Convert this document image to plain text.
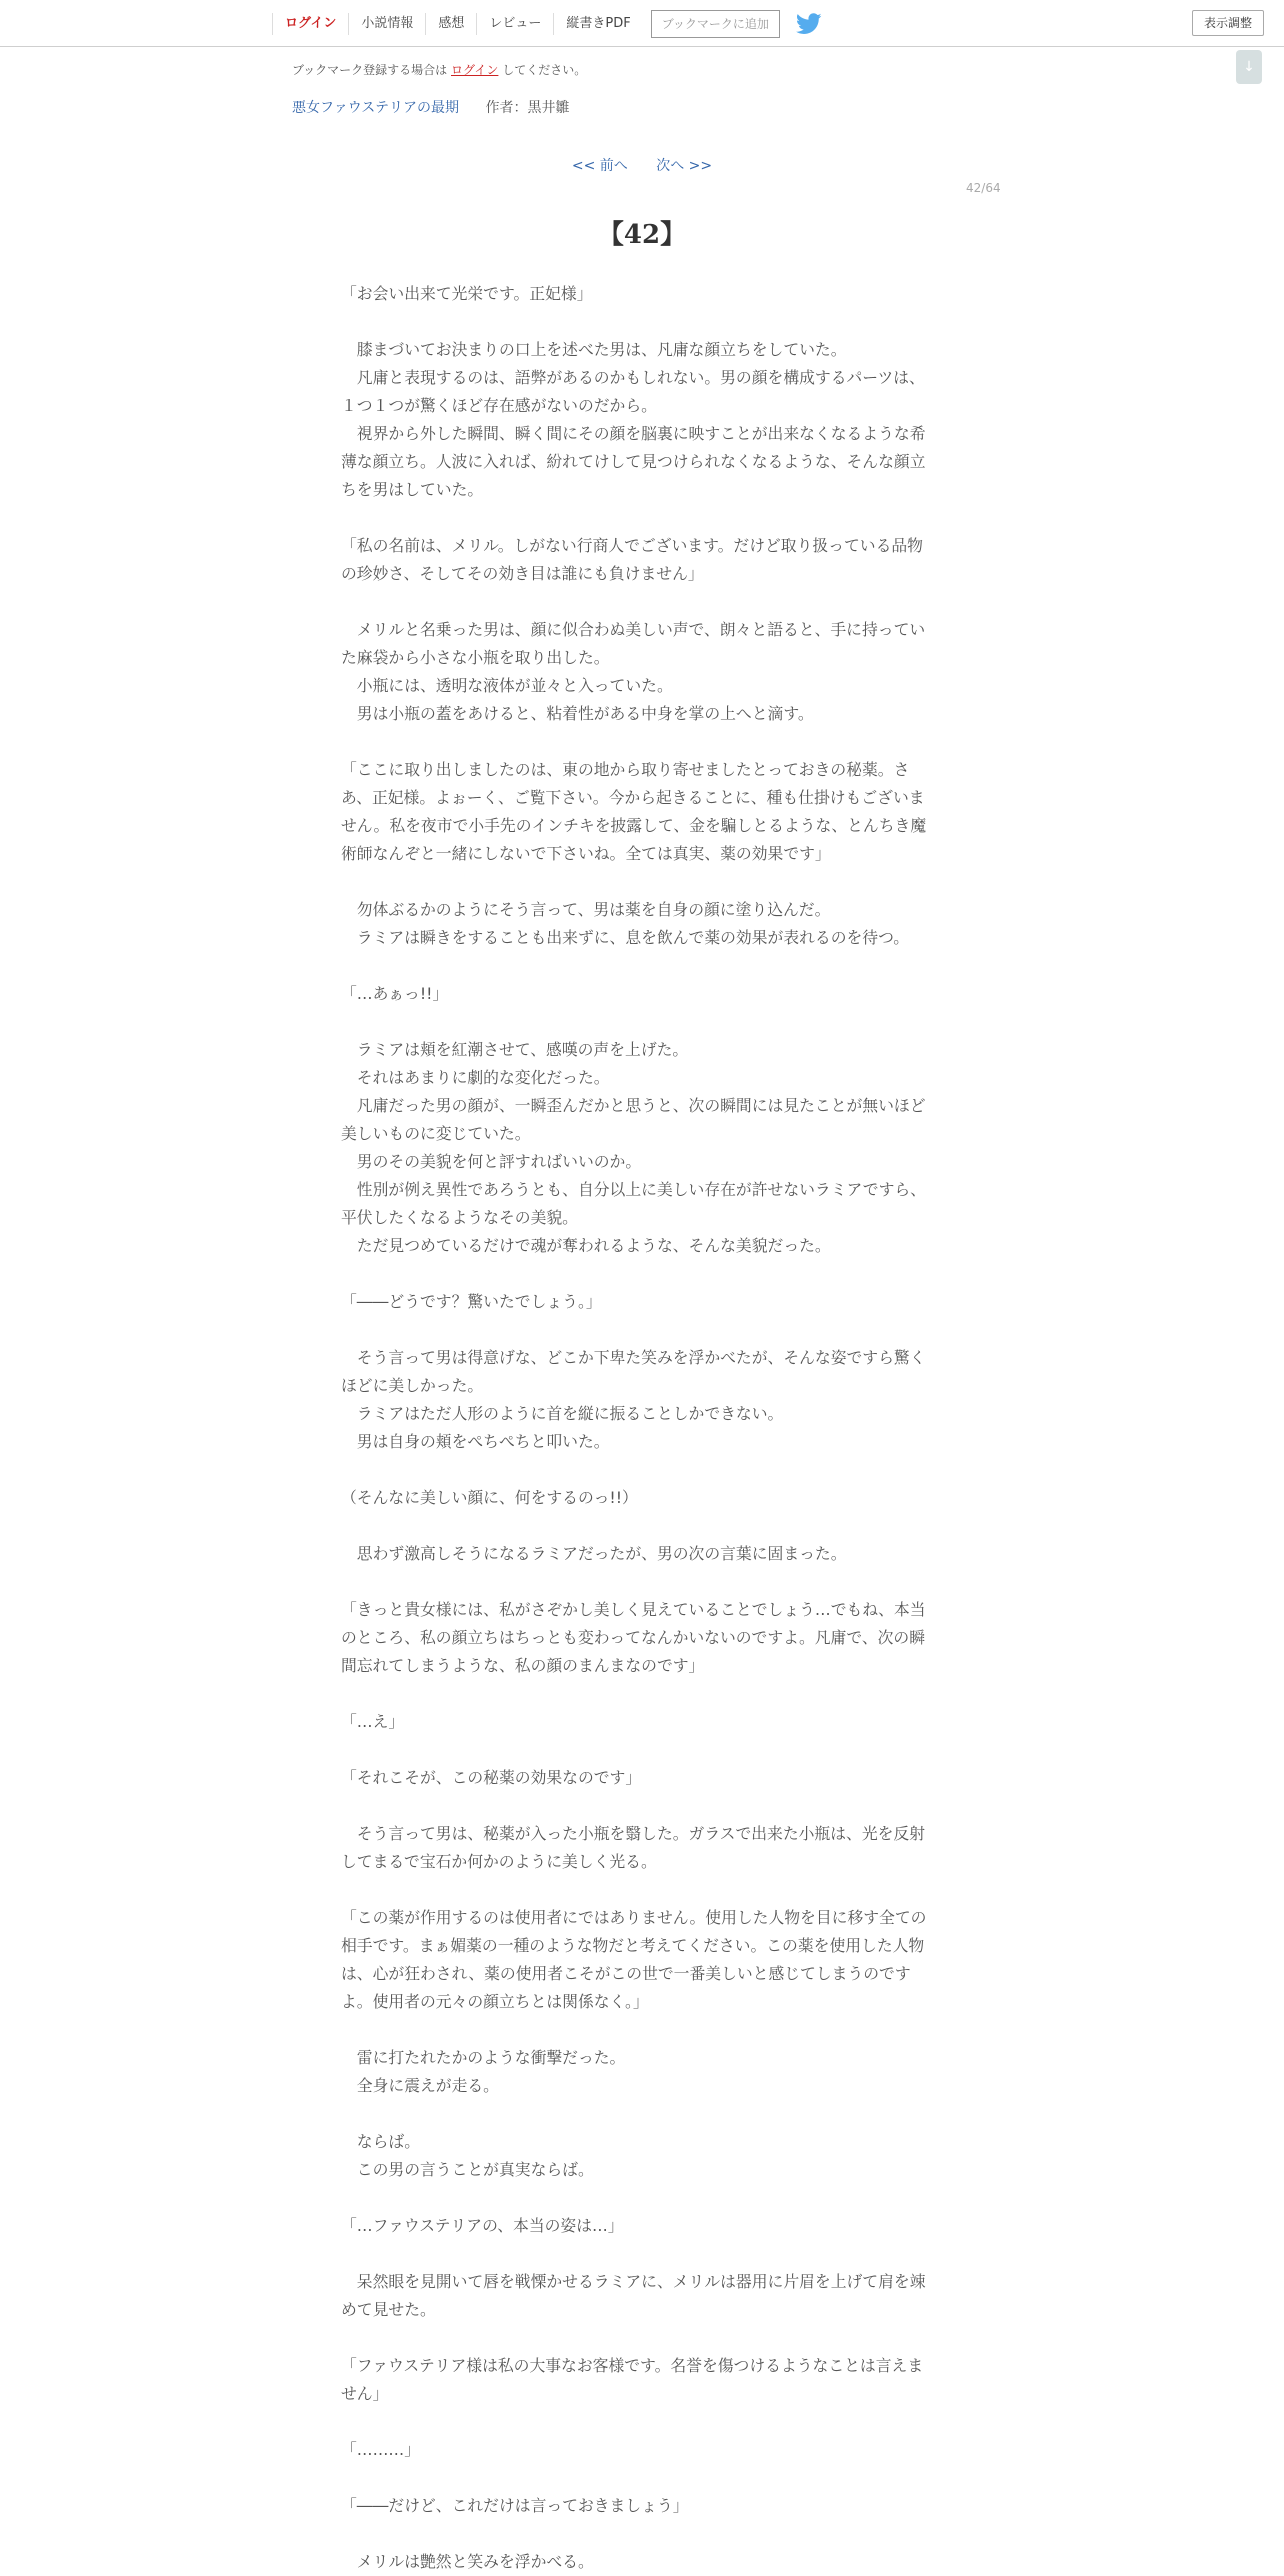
ログイン	小説情報	感想	レビュー	縦書きPDF	ブックマークに追加	表示調整
↓
ブックマーク登録する場合は ログイン してください。
悪女ファウステリアの最期 作者：黒井雛
<< 前へ 次へ >>
42/64
【42】

「お会い出来て光栄です。正妃様」

　膝まづいてお決まりの口上を述べた男は、凡庸な顔立ちをしていた。

　凡庸と表現するのは、語弊があるのかもしれない。男の顔を構成するパーツは、１つ１つが驚くほど存在感がないのだから。

　視界から外した瞬間、瞬く間にその顔を脳裏に映すことが出来なくなるような希薄な顔立ち。人波に入れば、紛れてけして見つけられなくなるような、そんな顔立ちを男はしていた。

「私の名前は、メリル。しがない行商人でございます。だけど取り扱っている品物の珍妙さ、そしてその効き目は誰にも負けません」

　メリルと名乗った男は、顔に似合わぬ美しい声で、朗々と語ると、手に持っていた麻袋から小さな小瓶を取り出した。

　小瓶には、透明な液体が並々と入っていた。

　男は小瓶の蓋をあけると、粘着性がある中身を掌の上へと滴す。

「ここに取り出しましたのは、東の地から取り寄せましたとっておきの秘薬。さあ、正妃様。よぉーく、ご覧下さい。今から起きることに、種も仕掛けもございません。私を夜市で小手先のインチキを披露して、金を騙しとるような、とんちき魔術師なんぞと一緒にしないで下さいね。全ては真実、薬の効果です」

　勿体ぶるかのようにそう言って、男は薬を自身の顔に塗り込んだ。

　ラミアは瞬きをすることも出来ずに、息を飲んで薬の効果が表れるのを待つ。

「…あぁっ!!」

　ラミアは頬を紅潮させて、感嘆の声を上げた。

　それはあまりに劇的な変化だった。

　凡庸だった男の顔が、一瞬歪んだかと思うと、次の瞬間には見たことが無いほど美しいものに変じていた。

　男のその美貌を何と評すればいいのか。

　性別が例え異性であろうとも、自分以上に美しい存在が許せないラミアですら、平伏したくなるようなその美貌。

　ただ見つめているだけで魂が奪われるような、そんな美貌だった。

「――どうです？驚いたでしょう。」

　そう言って男は得意げな、どこか下卑た笑みを浮かべたが、そんな姿ですら驚くほどに美しかった。

　ラミアはただ人形のように首を縦に振ることしかできない。

　男は自身の頬をぺちぺちと叩いた。

（そんなに美しい顔に、何をするのっ!!）

　思わず激高しそうになるラミアだったが、男の次の言葉に固まった。

「きっと貴女様には、私がさぞかし美しく見えていることでしょう…でもね、本当のところ、私の顔立ちはちっとも変わってなんかいないのですよ。凡庸で、次の瞬間忘れてしまうような、私の顔のまんまなのです」

「…え」

「それこそが、この秘薬の効果なのです」

　そう言って男は、秘薬が入った小瓶を翳した。ガラスで出来た小瓶は、光を反射してまるで宝石か何かのように美しく光る。

「この薬が作用するのは使用者にではありません。使用した人物を目に移す全ての相手です。まぁ媚薬の一種のような物だと考えてください。この薬を使用した人物は、心が狂わされ、薬の使用者こそがこの世で一番美しいと感じてしまうのですよ。使用者の元々の顔立ちとは関係なく。」

　雷に打たれたかのような衝撃だった。

　全身に震えが走る。

　ならば。

　この男の言うことが真実ならば。

「…ファウステリアの、本当の姿は…」

　呆然眼を見開いて唇を戦慄かせるラミアに、メリルは器用に片眉を上げて肩を竦めて見せた。

「ファウステリア様は私の大事なお客様です。名誉を傷つけるようなことは言えません」

「………」

「――だけど、これだけは言っておきましょう」

　メリルは艶然と笑みを浮かべる。
